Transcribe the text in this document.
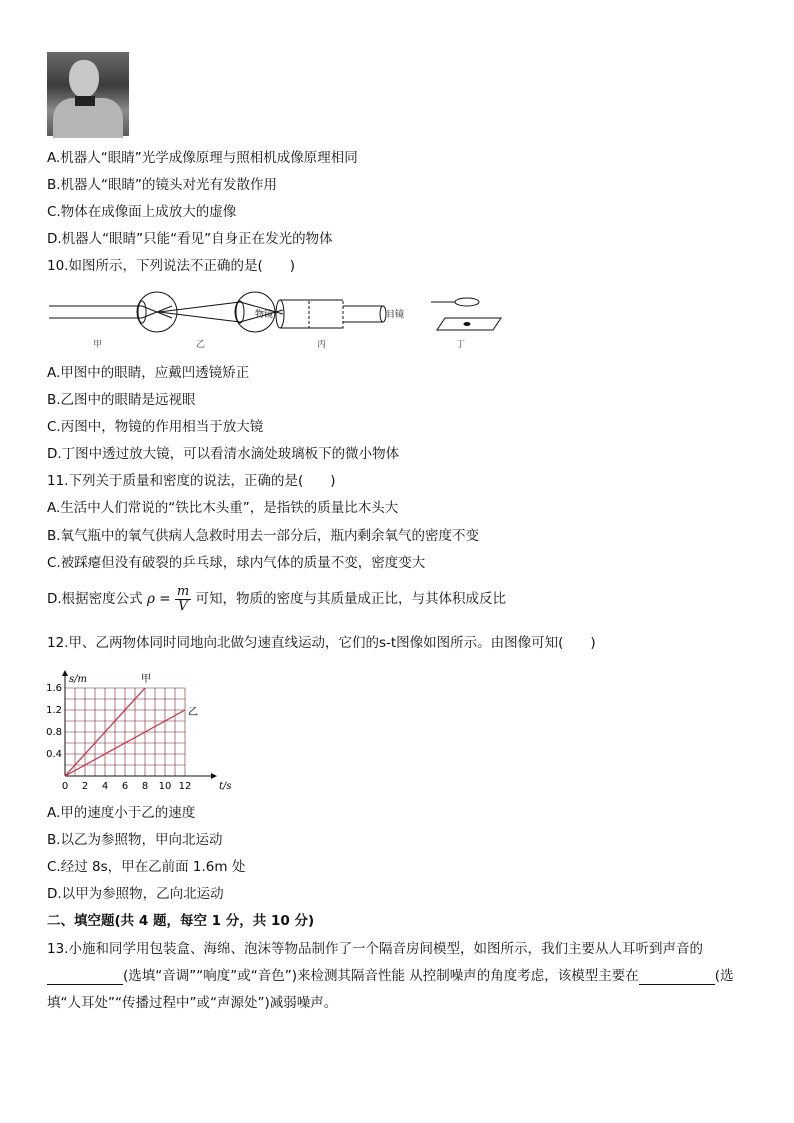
A.机器人“眼睛”光学成像原理与照相机成像原理相同
B.机器人“眼睛”的镜头对光有发散作用
C.物体在成像面上成放大的虚像
D.机器人“眼睛”只能“看见”自身正在发光的物体
10.如图所示，下列说法不正确的是(　　)
物镜	目镜
甲	乙	丙	丁
A.甲图中的眼睛，应戴凹透镜矫正
B.乙图中的眼睛是远视眼
C.丙图中，物镜的作用相当于放大镜
D.丁图中透过放大镜，可以看清水滴处玻璃板下的微小物体
11.下列关于质量和密度的说法，正确的是(　　)
A.生活中人们常说的“铁比木头重”，是指铁的质量比木头大
B.氧气瓶中的氧气供病人急救时用去一部分后，瓶内剩余氧气的密度不变
C.被踩瘪但没有破裂的乒乓球，球内气体的质量不变，密度变大
D.根据密度公式 $\rho = \frac{m}{V}$ 可知，物质的密度与其质量成正比，与其体积成反比
12.甲、乙两物体同时同地向北做匀速直线运动，它们的s-t图像如图所示。由图像可知(　　)
0 2 4 6 8 10 12
0.4
0.8
1.2
1.6
s/m
t/s
甲
乙
A.甲的速度小于乙的速度
B.以乙为参照物，甲向北运动
C.经过 8s，甲在乙前面 1.6m 处
D.以甲为参照物，乙向北运动
二、填空题(共 4 题，每空 1 分，共 10 分)
13.小施和同学用包装盒、海绵、泡沫等物品制作了一个隔音房间模型，如图所示，我们主要从人耳听到声音的
(选填“音调”“响度”或“音色”)来检测其隔音性能 从控制噪声的角度考虑，该模型主要在	(选
填“人耳处”“传播过程中”或“声源处”)减弱噪声。
